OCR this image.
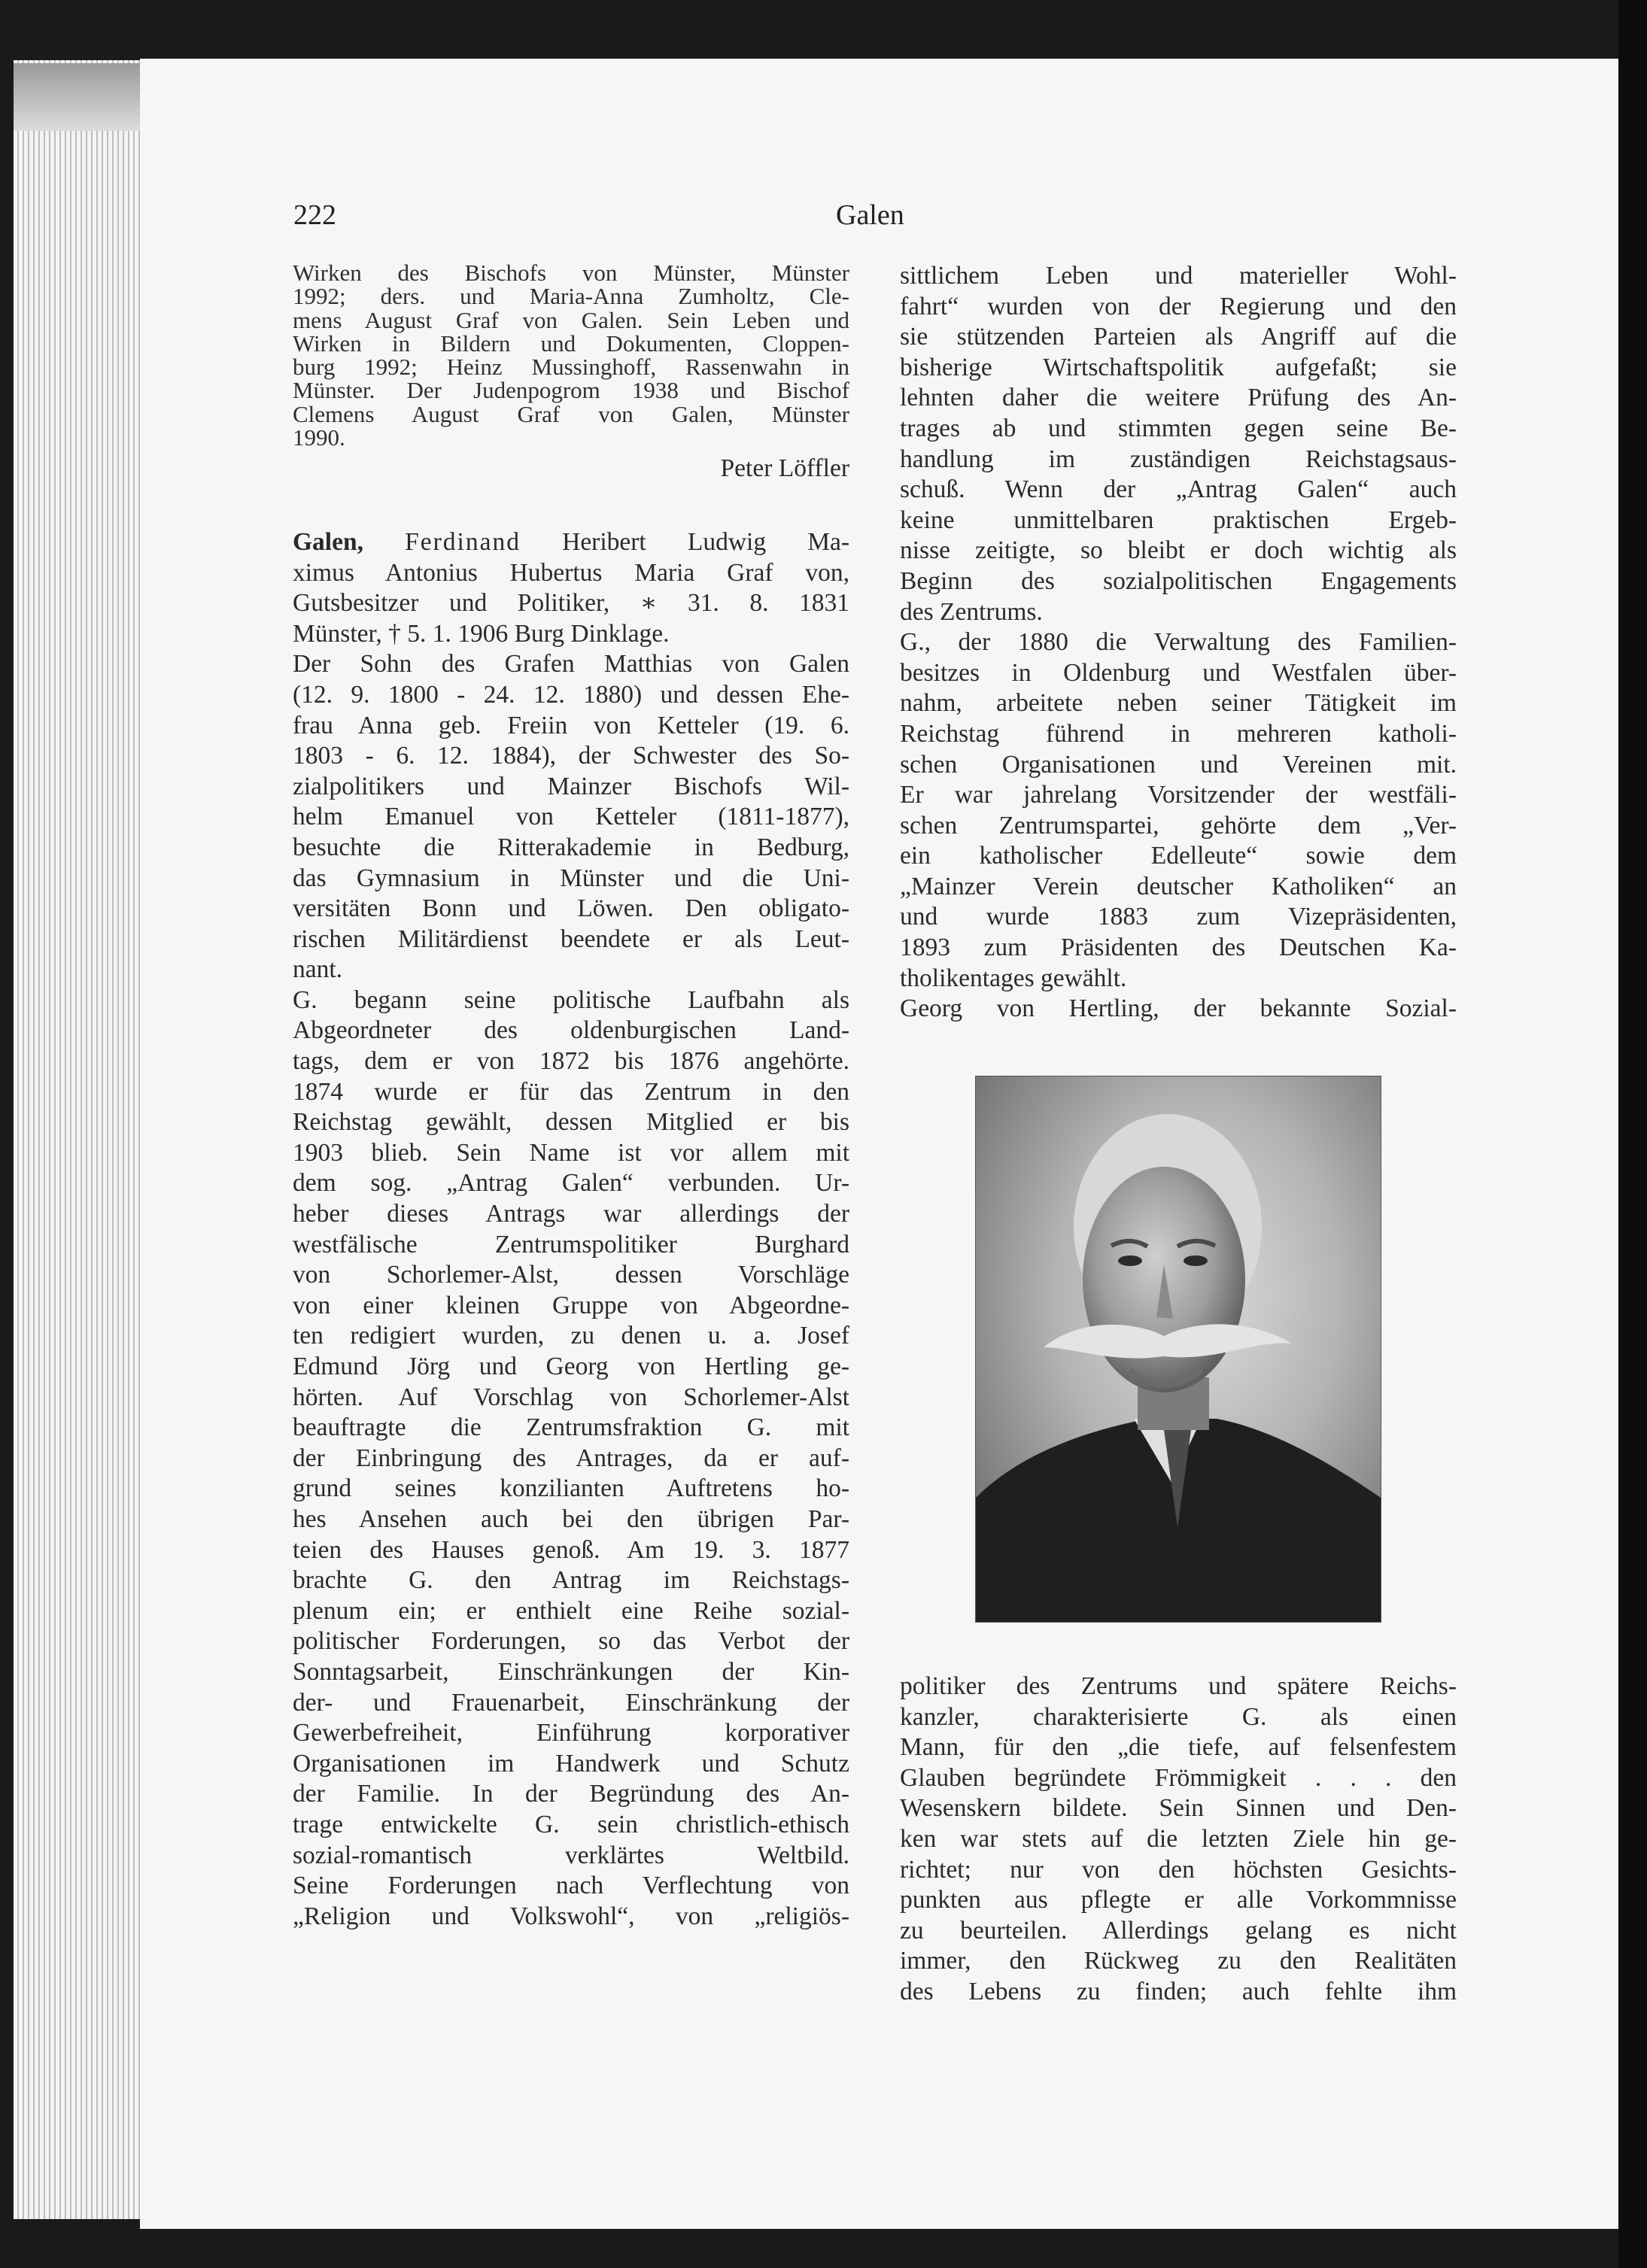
222	Galen
Wirken des Bischofs von Münster, Münster
1992; ders. und Maria-Anna Zumholtz, Cle-
mens August Graf von Galen. Sein Leben und
Wirken in Bildern und Dokumenten, Cloppen-
burg 1992; Heinz Mussinghoff, Rassenwahn in
Münster. Der Judenpogrom 1938 und Bischof
Clemens August Graf von Galen, Münster
1990.
Peter Löffler
Galen, Ferdinand Heribert Ludwig Ma-
ximus Antonius Hubertus Maria Graf von,
Gutsbesitzer und Politiker, ∗ 31. 8. 1831
Münster, † 5. 1. 1906 Burg Dinklage.
Der Sohn des Grafen Matthias von Galen
(12. 9. 1800 - 24. 12. 1880) und dessen Ehe-
frau Anna geb. Freiin von Ketteler (19. 6.
1803 - 6. 12. 1884), der Schwester des So-
zialpolitikers und Mainzer Bischofs Wil-
helm Emanuel von Ketteler (1811-1877),
besuchte die Ritterakademie in Bedburg,
das Gymnasium in Münster und die Uni-
versitäten Bonn und Löwen. Den obligato-
rischen Militärdienst beendete er als Leut-
nant.
G. begann seine politische Laufbahn als
Abgeordneter des oldenburgischen Land-
tags, dem er von 1872 bis 1876 angehörte.
1874 wurde er für das Zentrum in den
Reichstag gewählt, dessen Mitglied er bis
1903 blieb. Sein Name ist vor allem mit
dem sog. „Antrag Galen“ verbunden. Ur-
heber dieses Antrags war allerdings der
westfälische Zentrumspolitiker Burghard
von Schorlemer-Alst, dessen Vorschläge
von einer kleinen Gruppe von Abgeordne-
ten redigiert wurden, zu denen u. a. Josef
Edmund Jörg und Georg von Hertling ge-
hörten. Auf Vorschlag von Schorlemer-Alst
beauftragte die Zentrumsfraktion G. mit
der Einbringung des Antrages, da er auf-
grund seines konzilianten Auftretens ho-
hes Ansehen auch bei den übrigen Par-
teien des Hauses genoß. Am 19. 3. 1877
brachte G. den Antrag im Reichstags-
plenum ein; er enthielt eine Reihe sozial-
politischer Forderungen, so das Verbot der
Sonntagsarbeit, Einschränkungen der Kin-
der- und Frauenarbeit, Einschränkung der
Gewerbefreiheit, Einführung korporativer
Organisationen im Handwerk und Schutz
der Familie. In der Begründung des An-
trage entwickelte G. sein christlich-ethisch
sozial-romantisch verklärtes Weltbild.
Seine Forderungen nach Verflechtung von
„Religion und Volkswohl“, von „religiös-
sittlichem Leben und materieller Wohl-
fahrt“ wurden von der Regierung und den
sie stützenden Parteien als Angriff auf die
bisherige Wirtschaftspolitik aufgefaßt; sie
lehnten daher die weitere Prüfung des An-
trages ab und stimmten gegen seine Be-
handlung im zuständigen Reichstagsaus-
schuß. Wenn der „Antrag Galen“ auch
keine unmittelbaren praktischen Ergeb-
nisse zeitigte, so bleibt er doch wichtig als
Beginn des sozialpolitischen Engagements
des Zentrums.
G., der 1880 die Verwaltung des Familien-
besitzes in Oldenburg und Westfalen über-
nahm, arbeitete neben seiner Tätigkeit im
Reichstag führend in mehreren katholi-
schen Organisationen und Vereinen mit.
Er war jahrelang Vorsitzender der westfäli-
schen Zentrumspartei, gehörte dem „Ver-
ein katholischer Edelleute“ sowie dem
„Mainzer Verein deutscher Katholiken“ an
und wurde 1883 zum Vizepräsidenten,
1893 zum Präsidenten des Deutschen Ka-
tholikentages gewählt.
Georg von Hertling, der bekannte Sozial-
politiker des Zentrums und spätere Reichs-
kanzler, charakterisierte G. als einen
Mann, für den „die tiefe, auf felsenfestem
Glauben begründete Frömmigkeit . . . den
Wesenskern bildete. Sein Sinnen und Den-
ken war stets auf die letzten Ziele hin ge-
richtet; nur von den höchsten Gesichts-
punkten aus pflegte er alle Vorkommnisse
zu beurteilen. Allerdings gelang es nicht
immer, den Rückweg zu den Realitäten
des Lebens zu finden; auch fehlte ihm
